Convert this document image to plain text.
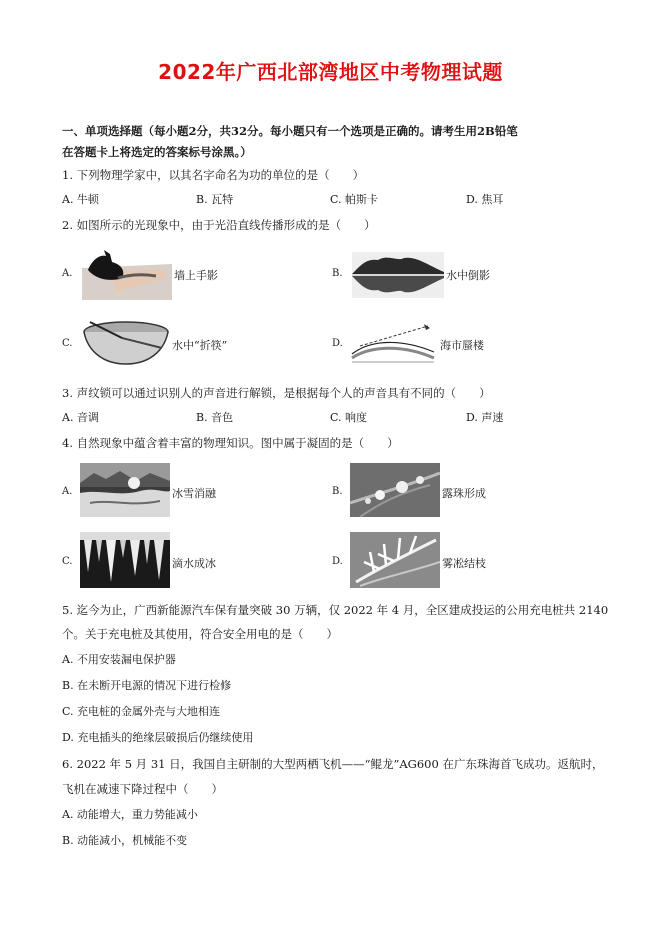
2022年广西北部湾地区中考物理试题
一、单项选择题（每小题2分，共32分。每小题只有一个选项是正确的。请考生用2B铅笔
在答题卡上将选定的答案标号涂黑。）
1. 下列物理学家中，以其名字命名为功的单位的是（　　）
A. 牛顿	B. 瓦特	C. 帕斯卡	D. 焦耳
2. 如图所示的光现象中，由于光沿直线传播形成的是（　　）
A.	墙上手影	B.	水中倒影
C.	水中“折筷”	D.	海市蜃楼
3. 声纹锁可以通过识别人的声音进行解锁，是根据每个人的声音具有不同的（　　）
A. 音调	B. 音色	C. 响度	D. 声速
4. 自然现象中蕴含着丰富的物理知识。图中属于凝固的是（　　）
A.	冰雪消融	B.	露珠形成
C.	滴水成冰	D.	雾凇结枝
5. 迄今为止，广西新能源汽车保有量突破 30 万辆，仅 2022 年 4 月，全区建成投运的公用充电桩共 2140
个。关于充电桩及其使用，符合安全用电的是（　　）
A. 不用安装漏电保护器
B. 在未断开电源的情况下进行检修
C. 充电桩的金属外壳与大地相连
D. 充电插头的绝缘层破损后仍继续使用
6. 2022 年 5 月 31 日，我国自主研制的大型两栖飞机——“鲲龙”AG600 在广东珠海首飞成功。返航时，
飞机在减速下降过程中（　　）
A. 动能增大，重力势能减小
B. 动能减小，机械能不变
